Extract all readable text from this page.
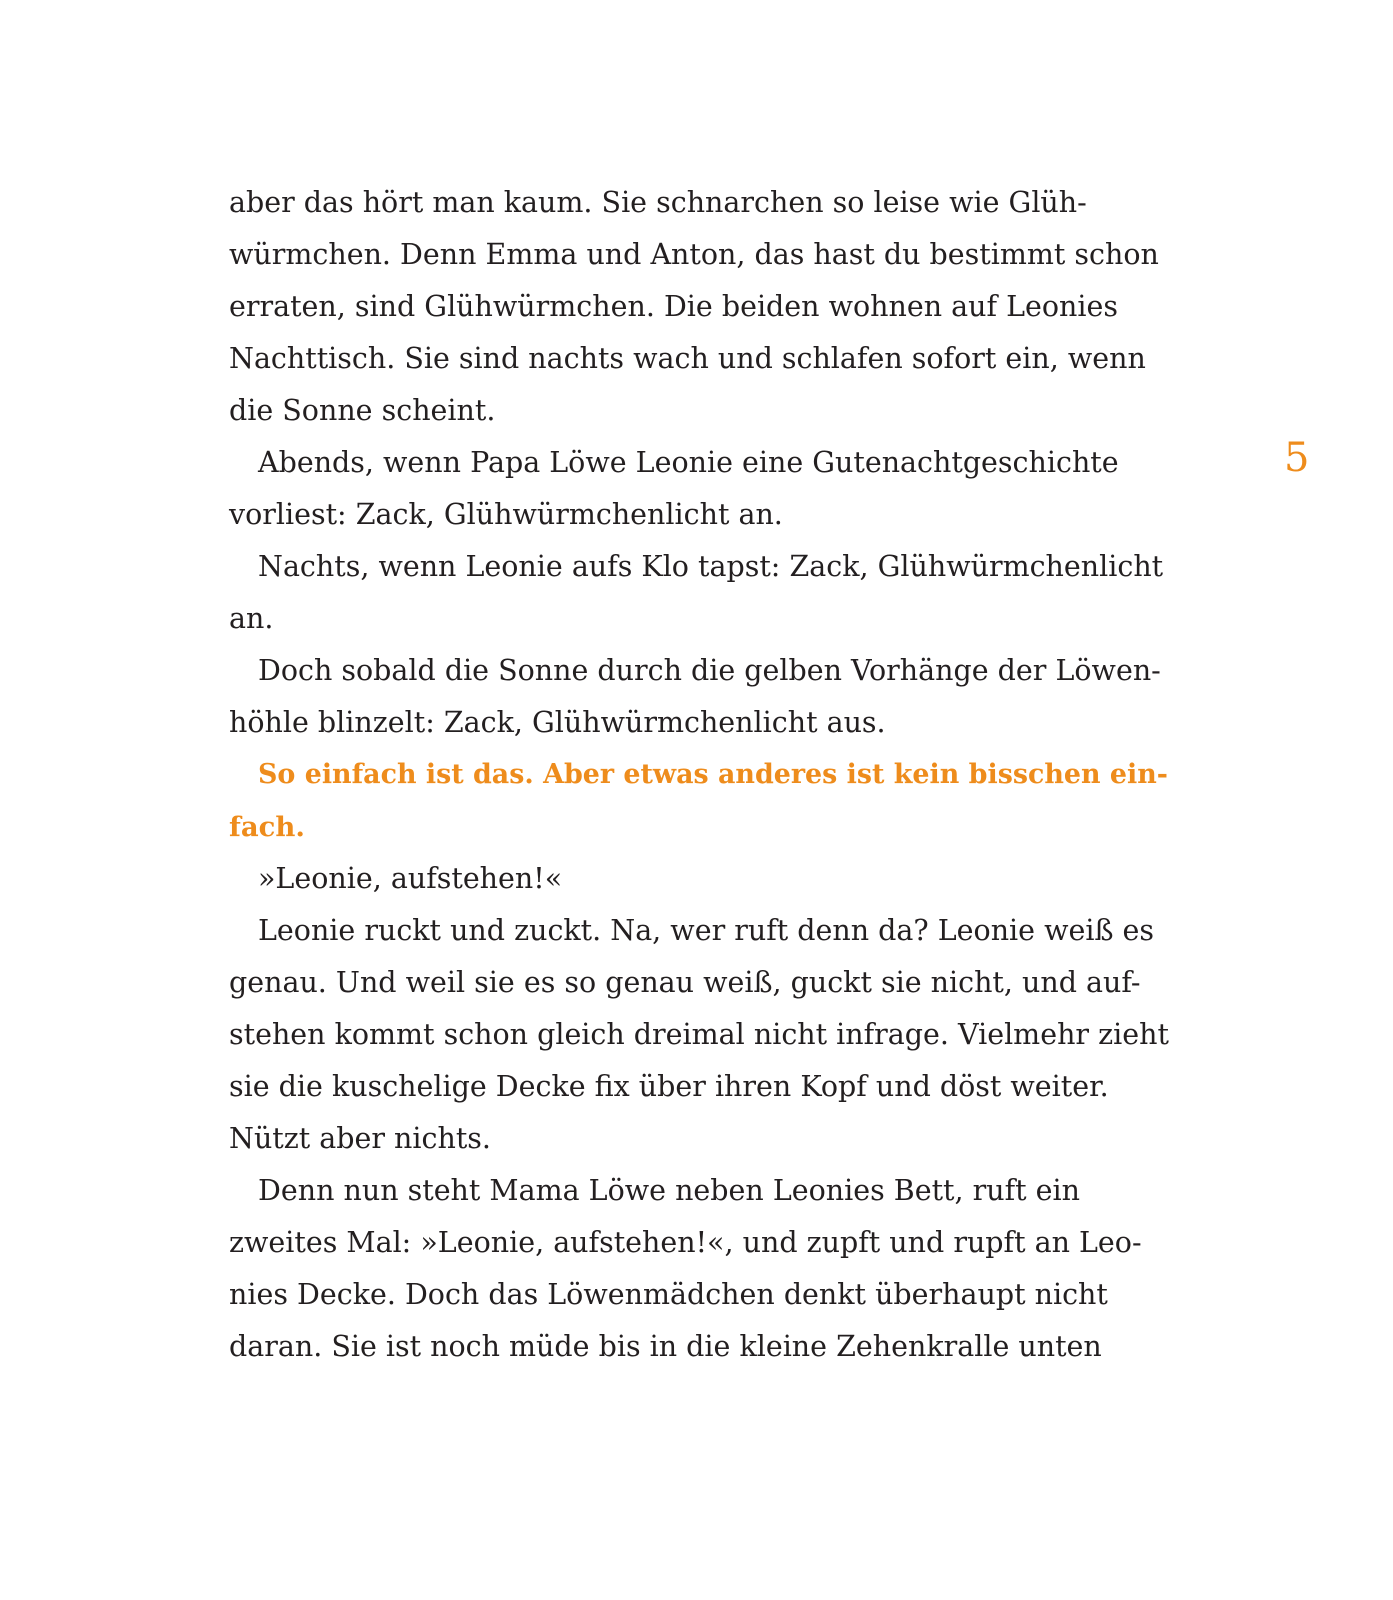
aber das hört man kaum. Sie schnarchen so leise wie Glüh-
würmchen. Denn Emma und Anton, das hast du bestimmt schon
erraten, sind Glühwürmchen. Die beiden wohnen auf Leonies
Nachttisch. Sie sind nachts wach und schlafen sofort ein, wenn
die Sonne scheint.
Abends, wenn Papa Löwe Leonie eine Gutenachtgeschichte
vorliest: Zack, Glühwürmchenlicht an.
Nachts, wenn Leonie aufs Klo tapst: Zack, Glühwürmchenlicht
an.
Doch sobald die Sonne durch die gelben Vorhänge der Löwen-
höhle blinzelt: Zack, Glühwürmchenlicht aus.
So einfach ist das. Aber etwas anderes ist kein bisschen ein-
fach.
»Leonie, aufstehen!«
Leonie ruckt und zuckt. Na, wer ruft denn da? Leonie weiß es
genau. Und weil sie es so genau weiß, guckt sie nicht, und auf-
stehen kommt schon gleich dreimal nicht infrage. Vielmehr zieht
sie die kuschelige Decke fix über ihren Kopf und döst weiter.
Nützt aber nichts.
Denn nun steht Mama Löwe neben Leonies Bett, ruft ein
zweites Mal: »Leonie, aufstehen!«, und zupft und rupft an Leo-
nies Decke. Doch das Löwenmädchen denkt überhaupt nicht
daran. Sie ist noch müde bis in die kleine Zehenkralle unten
5
